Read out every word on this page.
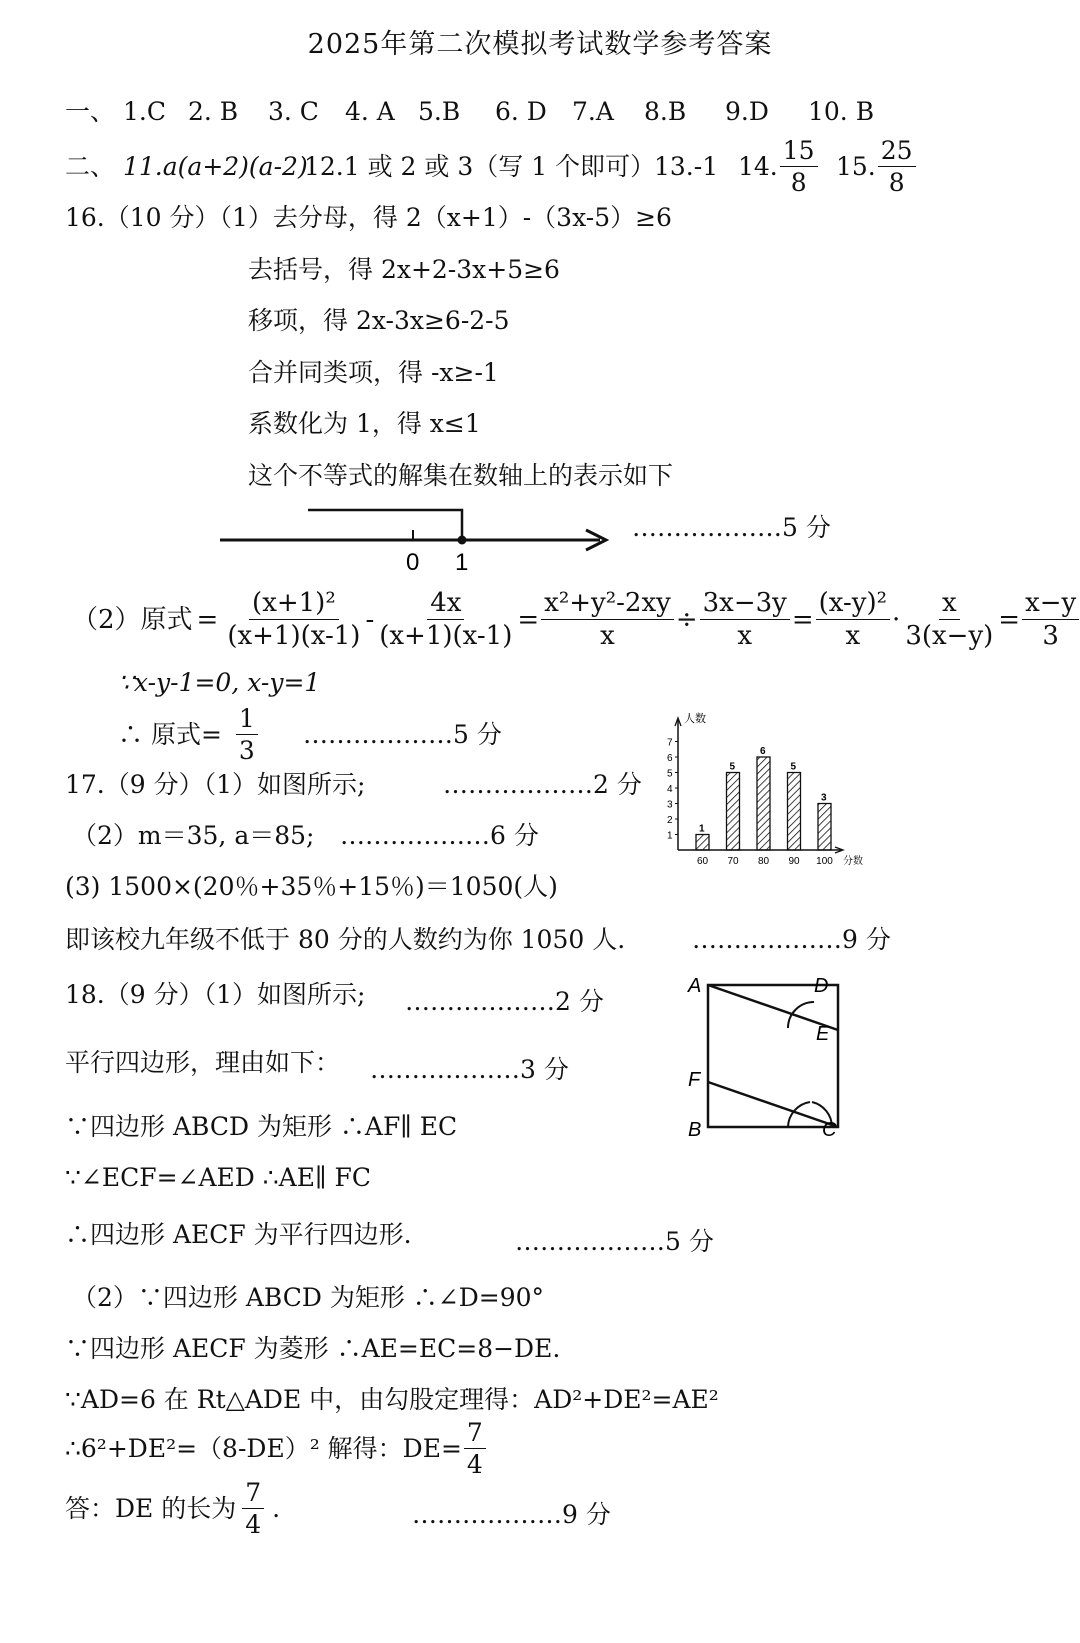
2025年第二次模拟考试数学参考答案
一、 1.C 2. B 3. C 4. A 5.B 6. D 7.A 8.B 9.D 10. B
二、 11.a(a+2)(a-2)
12.1 或 2 或 3（写 1 个即可）
13.-1 14. $\frac{15}{8} 15$. $\frac{25}{8}$
16.（10 分）（1）去分母，得 2（x+1）-（3x-5）≥6
去括号，得 2x+2-3x+5≥6
移项，得 2x-3x≥6-2-5
合并同类项，得 -x≥-1
系数化为 1，得 x≤1
这个不等式的解集在数轴上的表示如下
0 1
………………5 分
（2）原式 = $\frac{\text{(x+1)²}}{(x+1)(x-1)} - \frac{4x}{(x+1)(x-1)} = \frac{\text{x²+y²-2xy}}{x} \div \frac{3x-3y}{x} = \frac{\text{(x-y)²}}{x} \cdot \frac{x}{3(x-y)} = \frac{x-y}{3}$
∵x-y-1=0, x-y=1
∴ 原式= $\frac{1}{3}$ ………………5 分
17.（9 分）（1）如图所示;	………………2 分
（2）m＝35, a＝85; ………………6 分
(3) 1500×(20％+35％+15％)＝1050(人)
即该校九年级不低于 80 分的人数约为你 1050 人.	………………9 分
人数
分数
1
2
3
4
5
6
7
1
60
5
70
6
80
5
90
3
100
18.（9 分）（1）如图所示; ………………2 分
平行四边形，理由如下： ………………3 分
∵四边形 ABCD 为矩形 ∴AF∥ EC
∵∠ECF=∠AED ∴AE∥ FC
∴四边形 AECF 为平行四边形.	………………5 分
（2）∵四边形 ABCD 为矩形 ∴∠D=90°
∵四边形 AECF 为菱形 ∴AE=EC=8−DE.
∵AD=6 在 Rt△ADE 中，由勾股定理得：AD²+DE²=AE²
∴6²+DE²=（8-DE）² 解得：$DE= \frac{7}{4}$
答：DE 的长为 $\frac{7}{4}$ .	………………9 分
A	D
E
F
B	C
